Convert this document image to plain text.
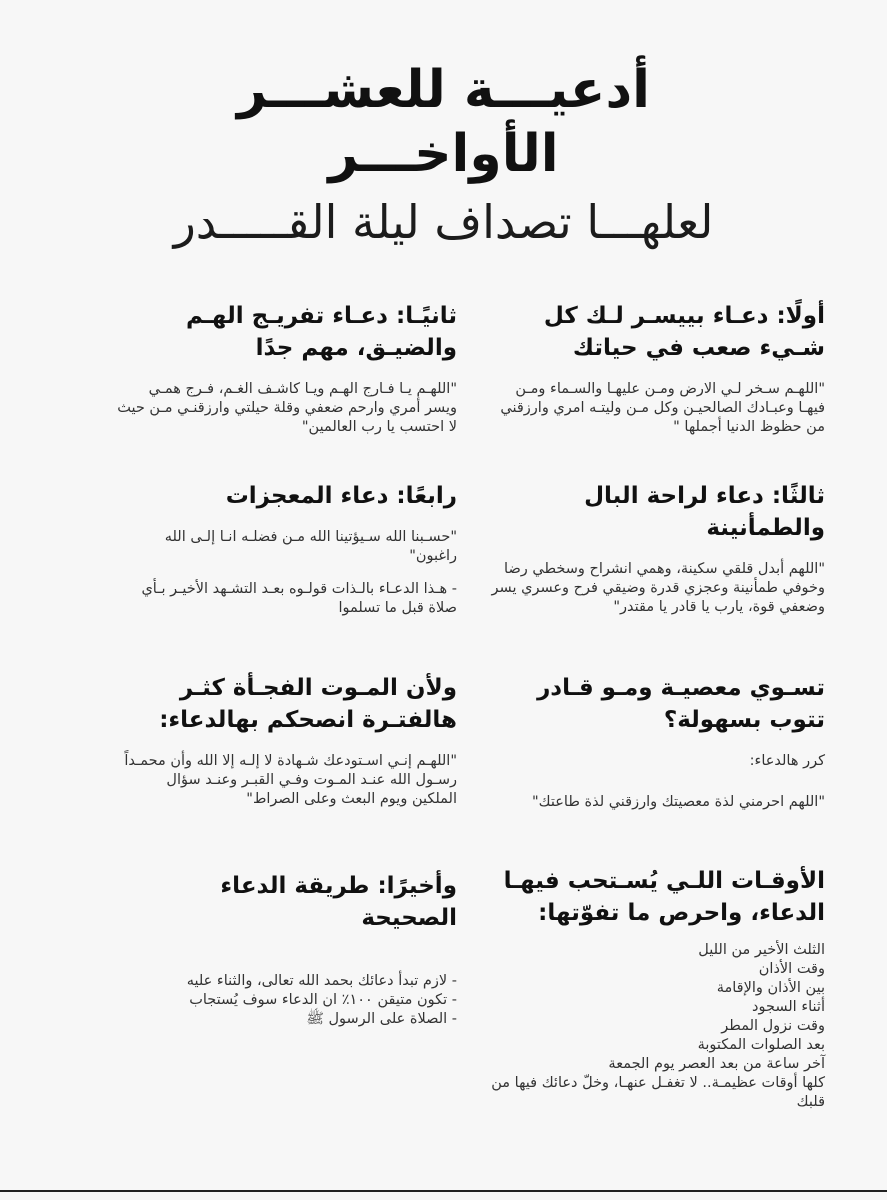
أدعيـــة للعشـــر الأواخـــر
لعلهـــا تصداف ليلة القـــــدر
أولًا: دعـاء بييسـر لـك كل شـيء صعب في حياتك

"اللهـم سـخر لـي الارض ومـن عليهـا والسـماء ومـن فيهـا وعبـادك الصالحيـن وكل مـن وليتـه امري وارزقني من حظوظ الدنيا أجملها "

ثالثًا: دعاء لراحة البال والطمأنينة

"اللهم أبدل قلقي سكينة، وهمي انشراح وسخطي رضا وخوفي طمأنينة وعجزي قدرة وضيقي فرح وعسري يسر وضعفي قوة، يارب يا قادر يا مقتدر"

تسـوي معصيـة ومـو قـادر تتوب بسهولة؟

كرر هالدعاء:

"اللهم احرمني لذة معصيتك وارزقني لذة طاعتك"

الأوقـات اللـي يُسـتحب فيهـا الدعاء، واحرص ما تفوّتها:
الثلث الأخير من الليل
وقت الأذان
بين الأذان والإقامة
أثناء السجود
وقت نزول المطر
بعد الصلوات المكتوبة
آخر ساعة من بعد العصر يوم الجمعة
كلها أوقات عظيمـة.. لا تغفـل عنهـا، وخلّ دعائك فيها من قلبك
ثانيًـا: دعـاء تفريـج الهـم والضيـق، مهم جدًا

"اللهـم يـا فـارج الهـم ويـا كاشـف الغـم، فـرج همـي ويسر أمري وارحم ضعفي وقلة حيلتي وارزقنـي مـن حيث لا احتسب يا رب العالمين"

رابعًا: دعاء المعجزات

"حسـبنا الله سـيؤتينا الله مـن فضلـه انـا إلـى الله راغبون"

- هـذا الدعـاء بالـذات قولـوه بعـد التشـهد الأخيـر بـأي صلاة قبل ما تسلموا

ولأن المـوت الفجـأة كثـر هالفتـرة انصحكم بهالدعاء:

"اللهـم إنـي اسـتودعك شـهادة لا إلـه إلا الله وأن محمـداً رسـول الله عنـد المـوت وفـي القبـر وعنـد سؤال الملكين ويوم البعث وعلى الصراط"

وأخيرًا: طريقة الدعاء الصحيحة
- لازم تبدأ دعائك بحمد الله تعالى، والثناء عليه
- تكون متيقن ١٠٠٪ ان الدعاء سوف يُستجاب
- الصلاة على الرسول ﷺ
